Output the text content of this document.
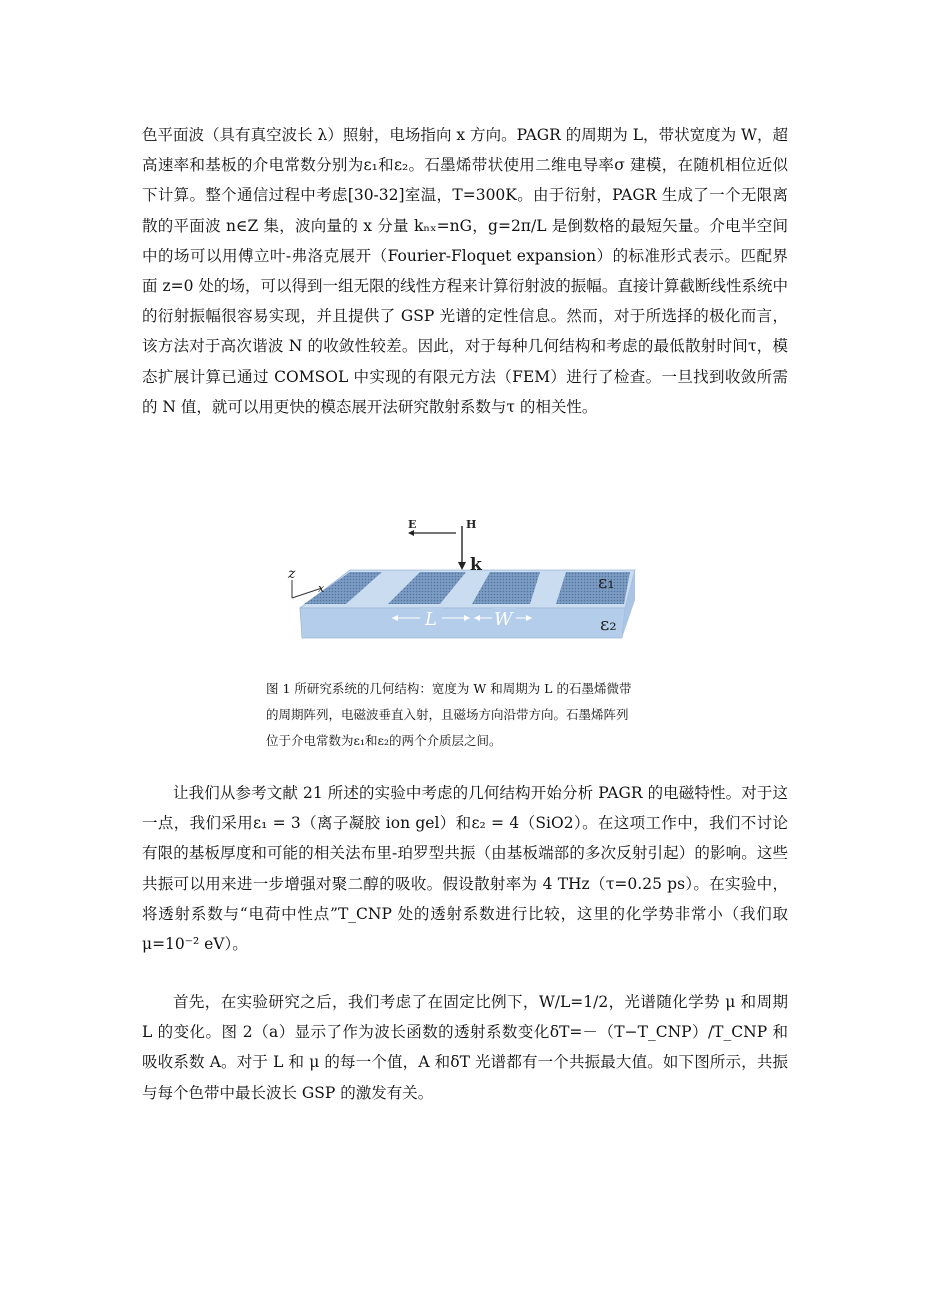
色平面波（具有真空波长 λ）照射，电场指向 x 方向。PAGR 的周期为 L，带状宽度为 W，超高速率和基板的介电常数分别为ε₁和ε₂。石墨烯带状使用二维电导率σ 建模，在随机相位近似下计算。整个通信过程中考虑[30-32]室温，T=300K。由于衍射，PAGR 生成了一个无限离散的平面波 n∈Z 集，波向量的 x 分量 kₙₓ=nG，g=2π/L 是倒数格的最短矢量。介电半空间中的场可以用傅立叶-弗洛克展开（Fourier-Floquet expansion）的标准形式表示。匹配界面 z=0 处的场，可以得到一组无限的线性方程来计算衍射波的振幅。直接计算截断线性系统中的衍射振幅很容易实现，并且提供了 GSP 光谱的定性信息。然而，对于所选择的极化而言，该方法对于高次谐波 N 的收敛性较差。因此，对于每种几何结构和考虑的最低散射时间τ，模态扩展计算已通过 COMSOL 中实现的有限元方法（FEM）进行了检查。一旦找到收敛所需的 N 值，就可以用更快的模态展开法研究散射系数与τ 的相关性。

z
x
E	H
k
ε₁
ε₂
L	W

图 1 所研究系统的几何结构：宽度为 W 和周期为 L 的石墨烯微带
的周期阵列，电磁波垂直入射，且磁场方向沿带方向。石墨烯阵列
位于介电常数为ε₁和ε₂的两个介质层之间。

让我们从参考文献 21 所述的实验中考虑的几何结构开始分析 PAGR 的电磁特性。对于这一点，我们采用ε₁ = 3（离子凝胶 ion gel）和ε₂ = 4（SiO2）。在这项工作中，我们不讨论有限的基板厚度和可能的相关法布里-珀罗型共振（由基板端部的多次反射引起）的影响。这些共振可以用来进一步增强对聚二醇的吸收。假设散射率为 4 THz（τ=0.25 ps）。在实验中，将透射系数与“电荷中性点”T_CNP 处的透射系数进行比较，这里的化学势非常小（我们取 μ=10⁻² eV）。

首先，在实验研究之后，我们考虑了在固定比例下，W/L=1/2，光谱随化学势 μ 和周期 L 的变化。图 2（a）显示了作为波长函数的透射系数变化δT=－（T−T_CNP）/T_CNP 和吸收系数 A。对于 L 和 μ 的每一个值，A 和δT 光谱都有一个共振最大值。如下图所示，共振与每个色带中最长波长 GSP 的激发有关。
